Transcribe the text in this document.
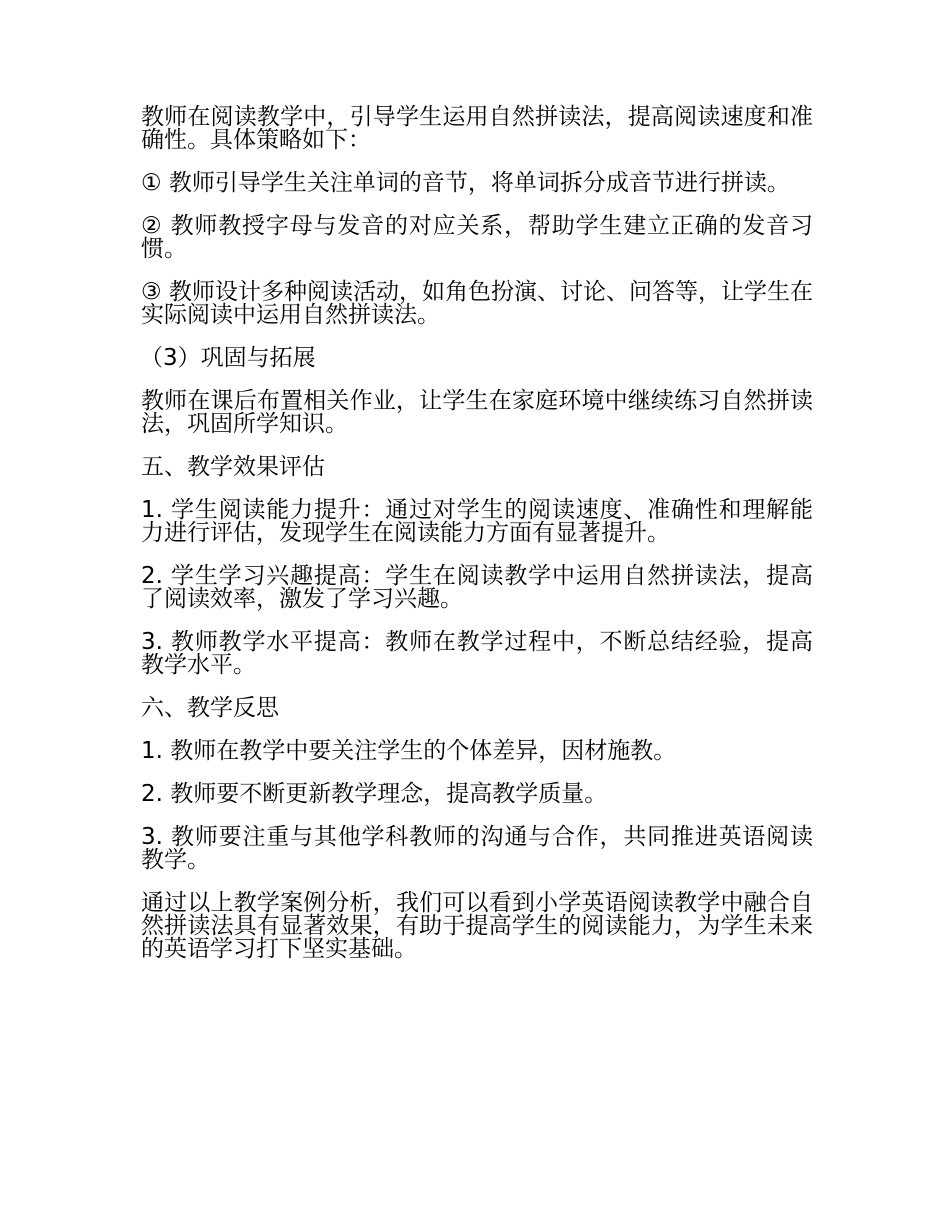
教师在阅读教学中，引导学生运用自然拼读法，提高阅读速度和准确性。具体策略如下：

① 教师引导学生关注单词的音节，将单词拆分成音节进行拼读。

② 教师教授字母与发音的对应关系，帮助学生建立正确的发音习惯。

③ 教师设计多种阅读活动，如角色扮演、讨论、问答等，让学生在实际阅读中运用自然拼读法。

（3）巩固与拓展

教师在课后布置相关作业，让学生在家庭环境中继续练习自然拼读法，巩固所学知识。

五、教学效果评估

1. 学生阅读能力提升：通过对学生的阅读速度、准确性和理解能力进行评估，发现学生在阅读能力方面有显著提升。

2. 学生学习兴趣提高：学生在阅读教学中运用自然拼读法，提高了阅读效率，激发了学习兴趣。

3. 教师教学水平提高：教师在教学过程中，不断总结经验，提高教学水平。

六、教学反思

1. 教师在教学中要关注学生的个体差异，因材施教。

2. 教师要不断更新教学理念，提高教学质量。

3. 教师要注重与其他学科教师的沟通与合作，共同推进英语阅读教学。

通过以上教学案例分析，我们可以看到小学英语阅读教学中融合自然拼读法具有显著效果，有助于提高学生的阅读能力，为学生未来的英语学习打下坚实基础。
